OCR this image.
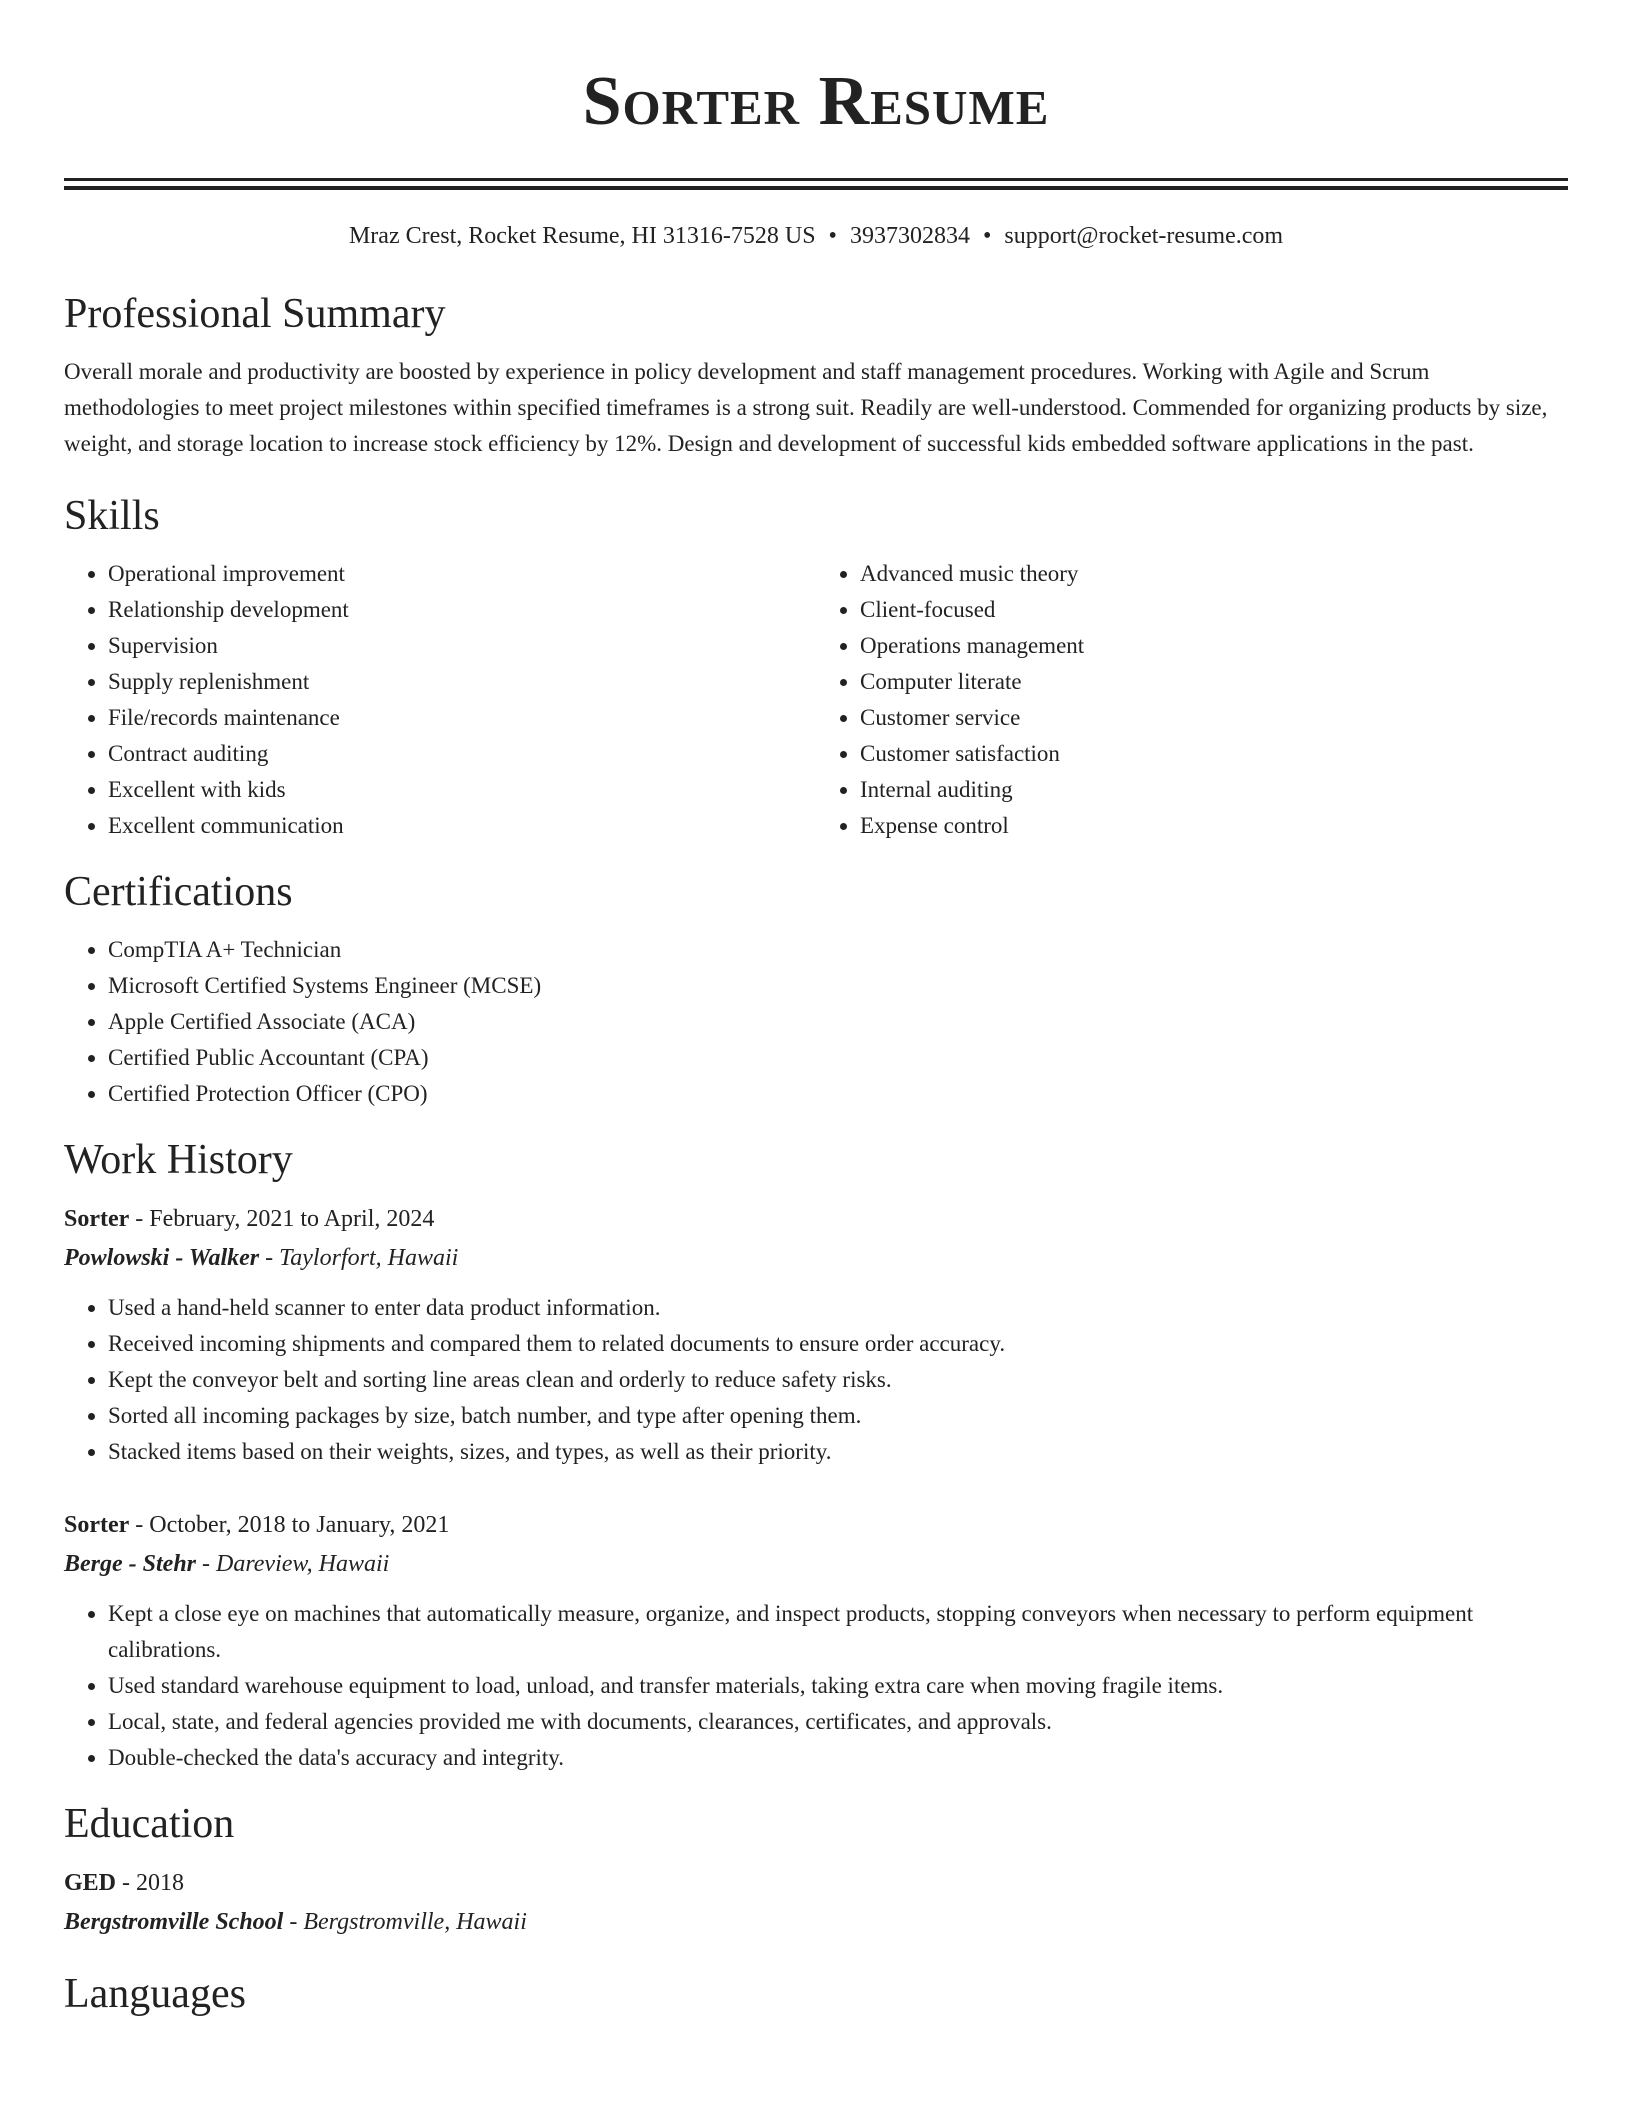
Sorter Resume
Mraz Crest, Rocket Resume, HI 31316-7528 US • 3937302834 • support@rocket-resume.com
Professional Summary

Overall morale and productivity are boosted by experience in policy development and staff management procedures. Working with Agile and Scrum methodologies to meet project milestones within specified timeframes is a strong suit. Readily are well-understood. Commended for organizing products by size, weight, and storage location to increase stock efficiency by 12%. Design and development of successful kids embedded software applications in the past.

Skills
• Operational improvement
• Relationship development
• Supervision
• Supply replenishment
• File/records maintenance
• Contract auditing
• Excellent with kids
• Excellent communication
• Advanced music theory
• Client-focused
• Operations management
• Computer literate
• Customer service
• Customer satisfaction
• Internal auditing
• Expense control
Certifications
• CompTIA A+ Technician
• Microsoft Certified Systems Engineer (MCSE)
• Apple Certified Associate (ACA)
• Certified Public Accountant (CPA)
• Certified Protection Officer (CPO)
Work History
Sorter - February, 2021 to April, 2024
Powlowski - Walker - Taylorfort, Hawaii
• Used a hand-held scanner to enter data product information.
• Received incoming shipments and compared them to related documents to ensure order accuracy.
• Kept the conveyor belt and sorting line areas clean and orderly to reduce safety risks.
• Sorted all incoming packages by size, batch number, and type after opening them.
• Stacked items based on their weights, sizes, and types, as well as their priority.
Sorter - October, 2018 to January, 2021
Berge - Stehr - Dareview, Hawaii
• Kept a close eye on machines that automatically measure, organize, and inspect products, stopping conveyors when necessary to perform equipment calibrations.
• Used standard warehouse equipment to load, unload, and transfer materials, taking extra care when moving fragile items.
• Local, state, and federal agencies provided me with documents, clearances, certificates, and approvals.
• Double-checked the data's accuracy and integrity.
Education
GED - 2018
Bergstromville School - Bergstromville, Hawaii
Languages
